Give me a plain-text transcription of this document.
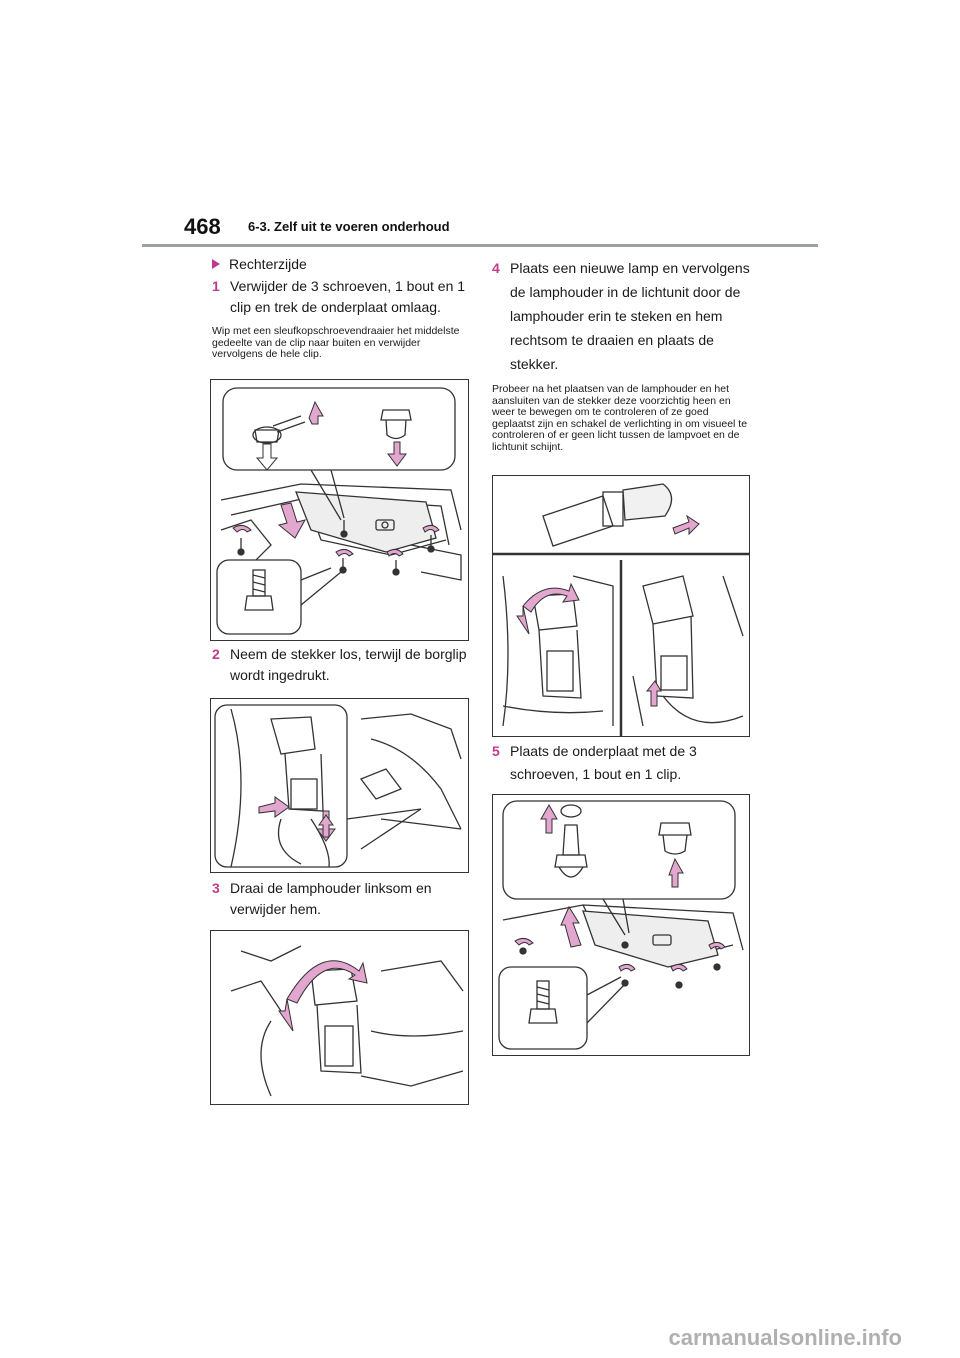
468 6-3. Zelf uit te voeren onderhoud
Rechterzijde
1 Verwijder de 3 schroeven, 1 bout en 1 clip en trek de onderplaat omlaag.

Wip met een sleufkopschroevendraaier het middelste gedeelte van de clip naar buiten en verwijder vervolgens de hele clip.

2 Neem de stekker los, terwijl de borglip wordt ingedrukt.
3 Draai de lamphouder linksom en verwijder hem.
4 Plaats een nieuwe lamp en vervolgens de lamphouder in de lichtunit door de lamphouder erin te steken en hem rechtsom te draaien en plaats de stekker.

Probeer na het plaatsen van de lamphouder en het aansluiten van de stekker deze voorzichtig heen en weer te bewegen om te controleren of ze goed geplaatst zijn en schakel de verlichting in om visueel te controleren of er geen licht tussen de lampvoet en de lichtunit schijnt.

5 Plaats de onderplaat met de 3 schroeven, 1 bout en 1 clip.
carmanualsonline.info
